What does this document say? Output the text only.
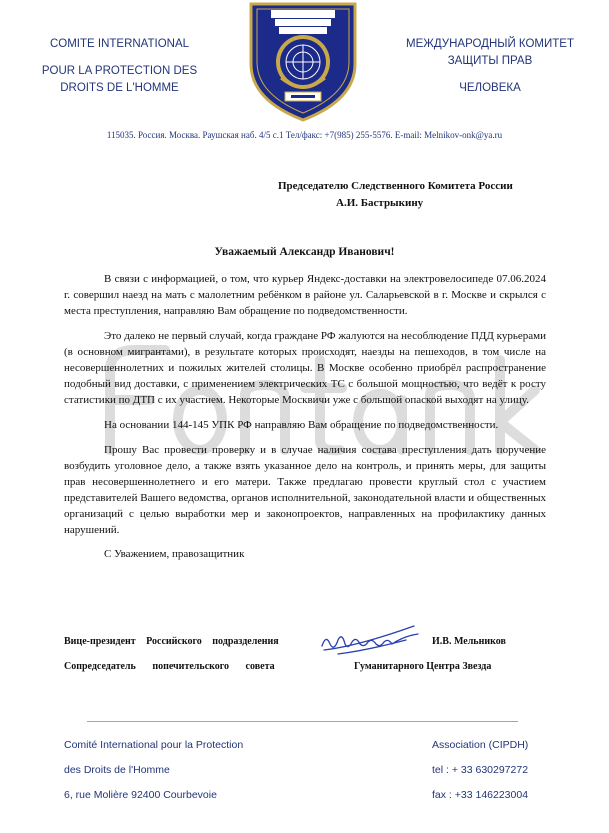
COMITE INTERNATIONAL
POUR LA PROTECTION DES
DROITS DE L'HOMME
МЕЖДУНАРОДНЫЙ КОМИТЕТ
ЗАЩИТЫ ПРАВ
ЧЕЛОВЕКА
115035. Россия. Москва. Раушская наб. 4/5 с.1 Тел/факс: +7(985) 255-5576. E-mail: Melnikov-onk@ya.ru
Председателю Следственного Комитета России
А.И. Бастрыкину
Уважаемый Александр Иванович!

В связи с информацией, о том, что курьер Яндекс-доставки на электровелосипеде 07.06.2024 г. совершил наезд на мать с малолетним ребёнком в районе ул. Саларьевской в г. Москве и скрылся с места преступления, направляю Вам обращение по подведомственности.

Это далеко не первый случай, когда граждане РФ жалуются на несоблюдение ПДД курьерами (в основном мигрантами), в результате которых происходят, наезды на пешеходов, в том числе на несовершеннолетних и пожилых жителей столицы. В Москве особенно приобрёл распространение подобный вид доставки, с применением электрических ТС с большой мощностью, что ведёт к росту статистики по ДТП с их участием. Некоторые Москвичи уже с большой опаской выходят на улицу.

На основании 144-145 УПК РФ направляю Вам обращение по подведомственности.

Прошу Вас провести проверку и в случае наличия состава преступления дать поручение возбудить уголовное дело, а также взять указанное дело на контроль, и принять меры, для защиты прав несовершеннолетнего и его матери. Также предлагаю провести круглый стол с участием представителей Вашего ведомства, органов исполнительной, законодательной власти и общественных организаций с целью выработки мер и законопроектов, направленных на профилактику данных нарушений.

С Уважением, правозащитник

Вице-президент Российского подразделения	И.В. Мельников
Сопредседатель попечительского совета	Гуманитарного Центра Звезда
Comité International pour la Protection
des Droits de l'Homme
6, rue Molière 92400 Courbevoie
Association (CIPDH)
tel : + 33 630297272
fax : +33 146223004
